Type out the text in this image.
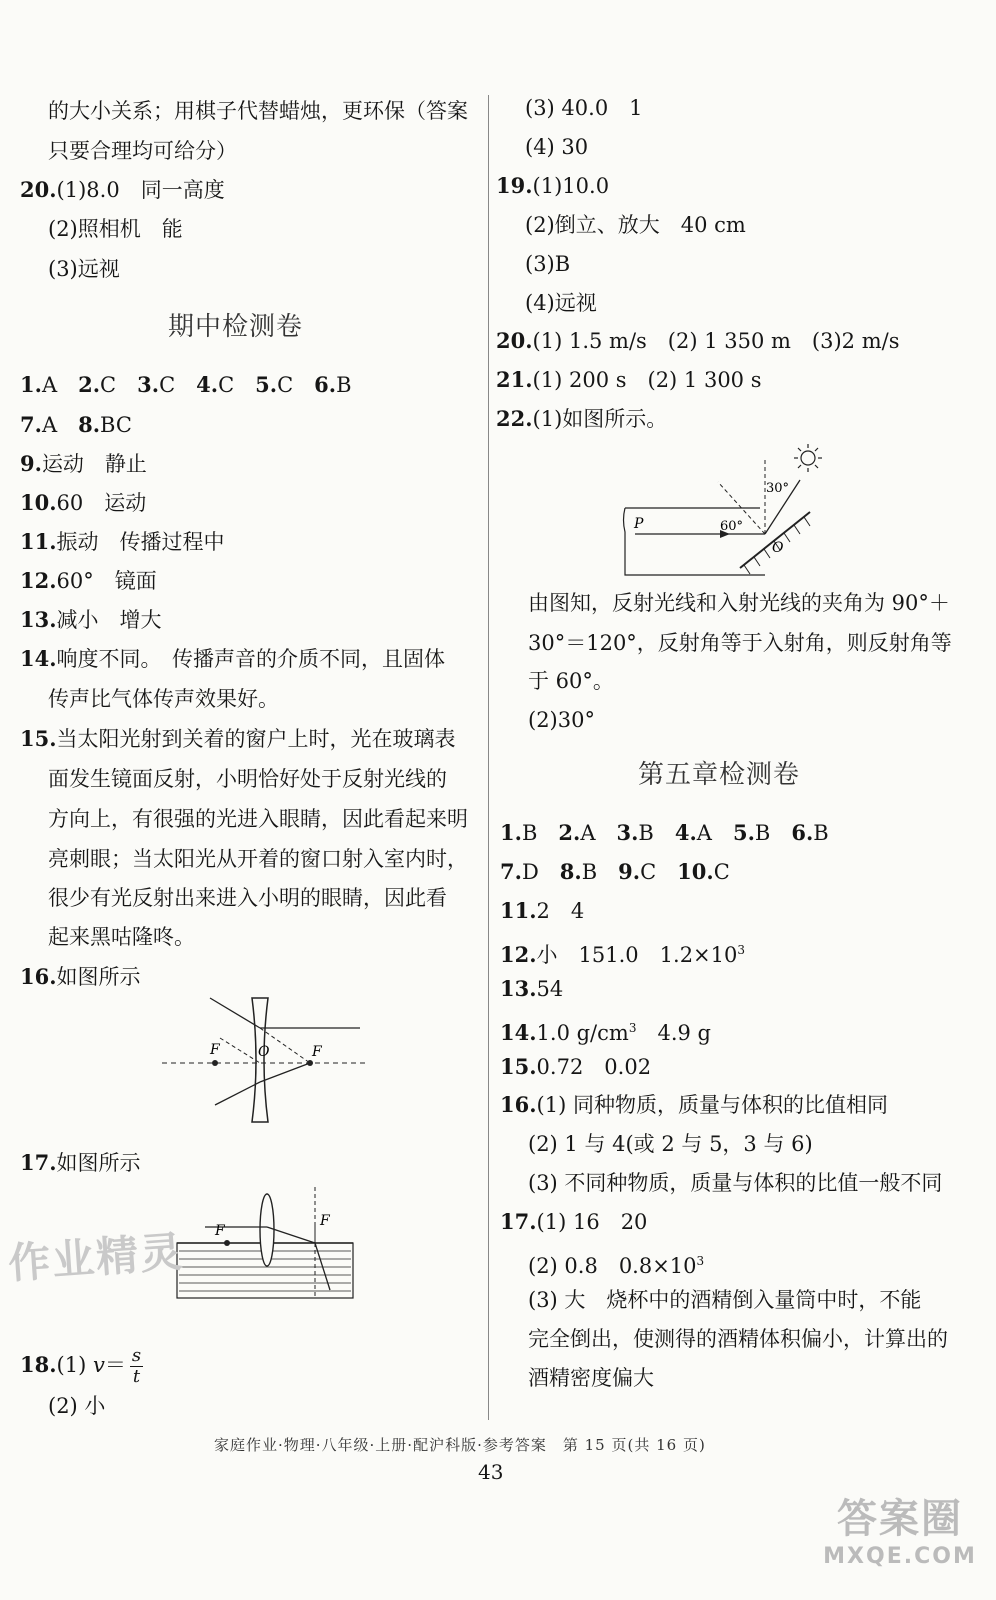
的大小关系；用棋子代替蜡烛，更环保（答案
只要合理均可给分）
20.(1)8.0　同一高度
(2)照相机　能
(3)远视
期中检测卷
1.A　2.C　3.C　4.C　5.C　6.B
7.A　8.BC
9.运动　静止
10.60　运动
11.振动　传播过程中
12.60°　镜面
13.减小　增大
14.响度不同。　传播声音的介质不同，且固体
传声比气体传声效果好。
15.当太阳光射到关着的窗户上时，光在玻璃表
面发生镜面反射，小明恰好处于反射光线的
方向上，有很强的光进入眼睛，因此看起来明
亮刺眼；当太阳光从开着的窗口射入室内时，
很少有光反射出来进入小明的眼睛，因此看
起来黑咕隆咚。
16.如图所示
F	O	F
17.如图所示
F
F
作业精灵
18.(1) $v= \frac{s}{t}$
(2) 小
(3) 40.0　1
(4) 30
19.(1)10.0
(2)倒立、放大　40 cm
(3)B
(4)远视
20.(1) 1.5 m/s　(2) 1 350 m　(3)2 m/s
21.(1) 200 s　(2) 1 300 s
22.(1)如图所示。
30°
60°
P
O
由图知，反射光线和入射光线的夹角为 90°＋
30°＝120°，反射角等于入射角，则反射角等
于 60°。
(2)30°
第五章检测卷
1.B　2.A　3.B　4.A　5.B　6.B
7.D　8.B　9.C　10.C
11.2　4
12.小　151.0　$1.2\times 10^3$
13.54
14.1.0 $g/cm^3$　4.9 g
15.0.72　0.02
16.(1) 同种物质，质量与体积的比值相同
(2) 1 与 4(或 2 与 5，3 与 6)
(3) 不同种物质，质量与体积的比值一般不同
17.(1) 16　20
(2) 0.8　$0.8\times 10^3$
(3) 大　烧杯中的酒精倒入量筒中时，不能
完全倒出，使测得的酒精体积偏小，计算出的
酒精密度偏大
家庭作业·物理·八年级·上册·配沪科版·参考答案　第 15 页(共 16 页)
43
答案圈
MXQE.COM
